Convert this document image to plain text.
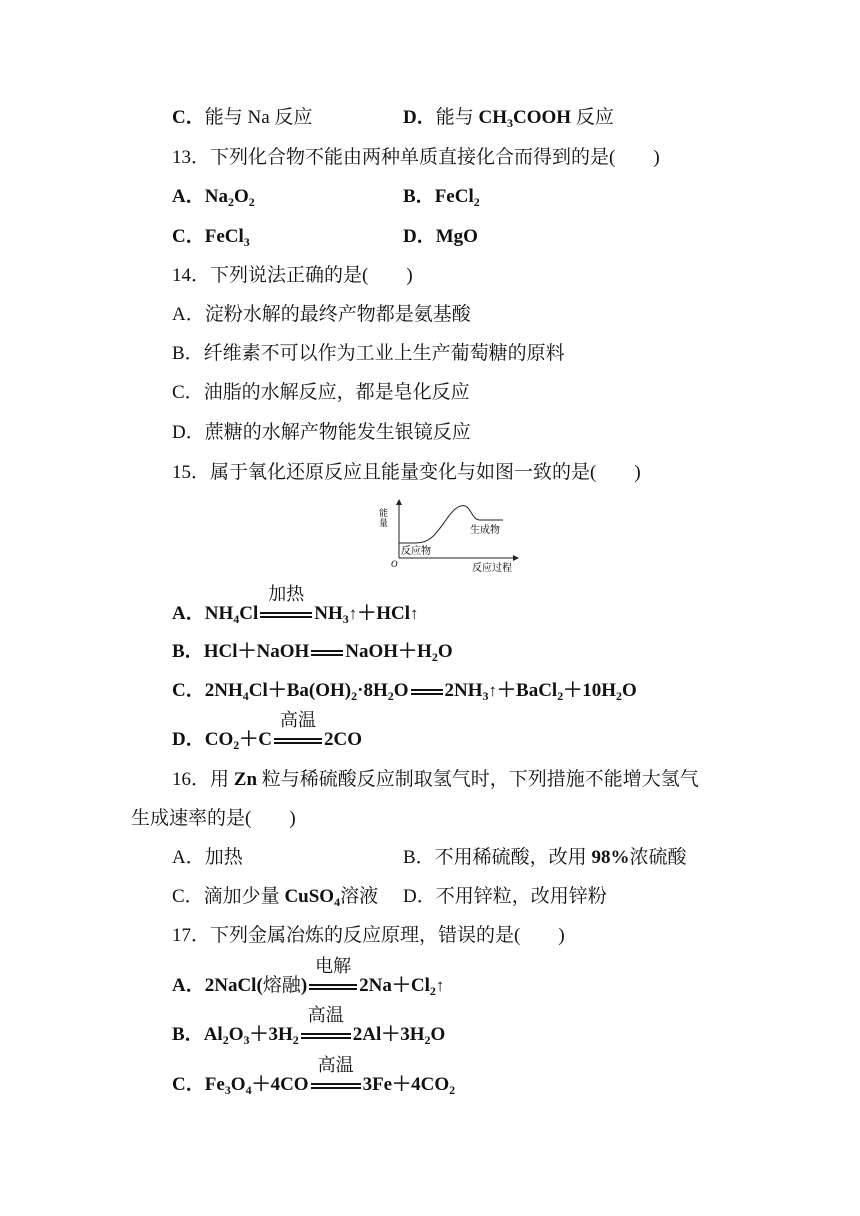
C．能与 Na 反应	D．能与 $CH_3COOH$ 反应
13．下列化合物不能由两种单质直接化合而得到的是(　　)
A．$Na_2O_2$	B．FeCl$_2$
C．FeCl$_3$	D．MgO
14．下列说法正确的是(　　)
A．淀粉水解的最终产物都是氨基酸
B．纤维素不可以作为工业上生产葡萄糖的原料
C．油脂的水解反应，都是皂化反应
D．蔗糖的水解产物能发生银镜反应
15．属于氧化还原反应且能量变化与如图一致的是(　　)
能量
O
反应物
生成物
反应过程
A．$NH_4Cl$
加热
$NH_3↑+HCl↑$
B．HCl＋NaOH $NaOH+H_2O$
C．$2NH_4Cl+Ba(OH)_2\cdot 8H_2O$ $2NH_3↑+BaCl_2+10H_2O$
D．$CO_2+C$
高温
2CO
16．用 Zn 粒与稀硫酸反应制取氢气时，下列措施不能增大氢气
生成速率的是(　　)
A．加热	B．不用稀硫酸，改用 98%浓硫酸
C．滴加少量 CuSO$_4$溶液 D．不用锌粒，改用锌粉
17．下列金属冶炼的反应原理，错误的是(　　)
A．2NaCl(熔融)
电解
$2Na+Cl_2↑$
B．$Al_2O_3+3H_2$
高温
$2Al+3H_2O$
C．$Fe_3O_4+4CO$
高温
$3Fe+4CO_2$
